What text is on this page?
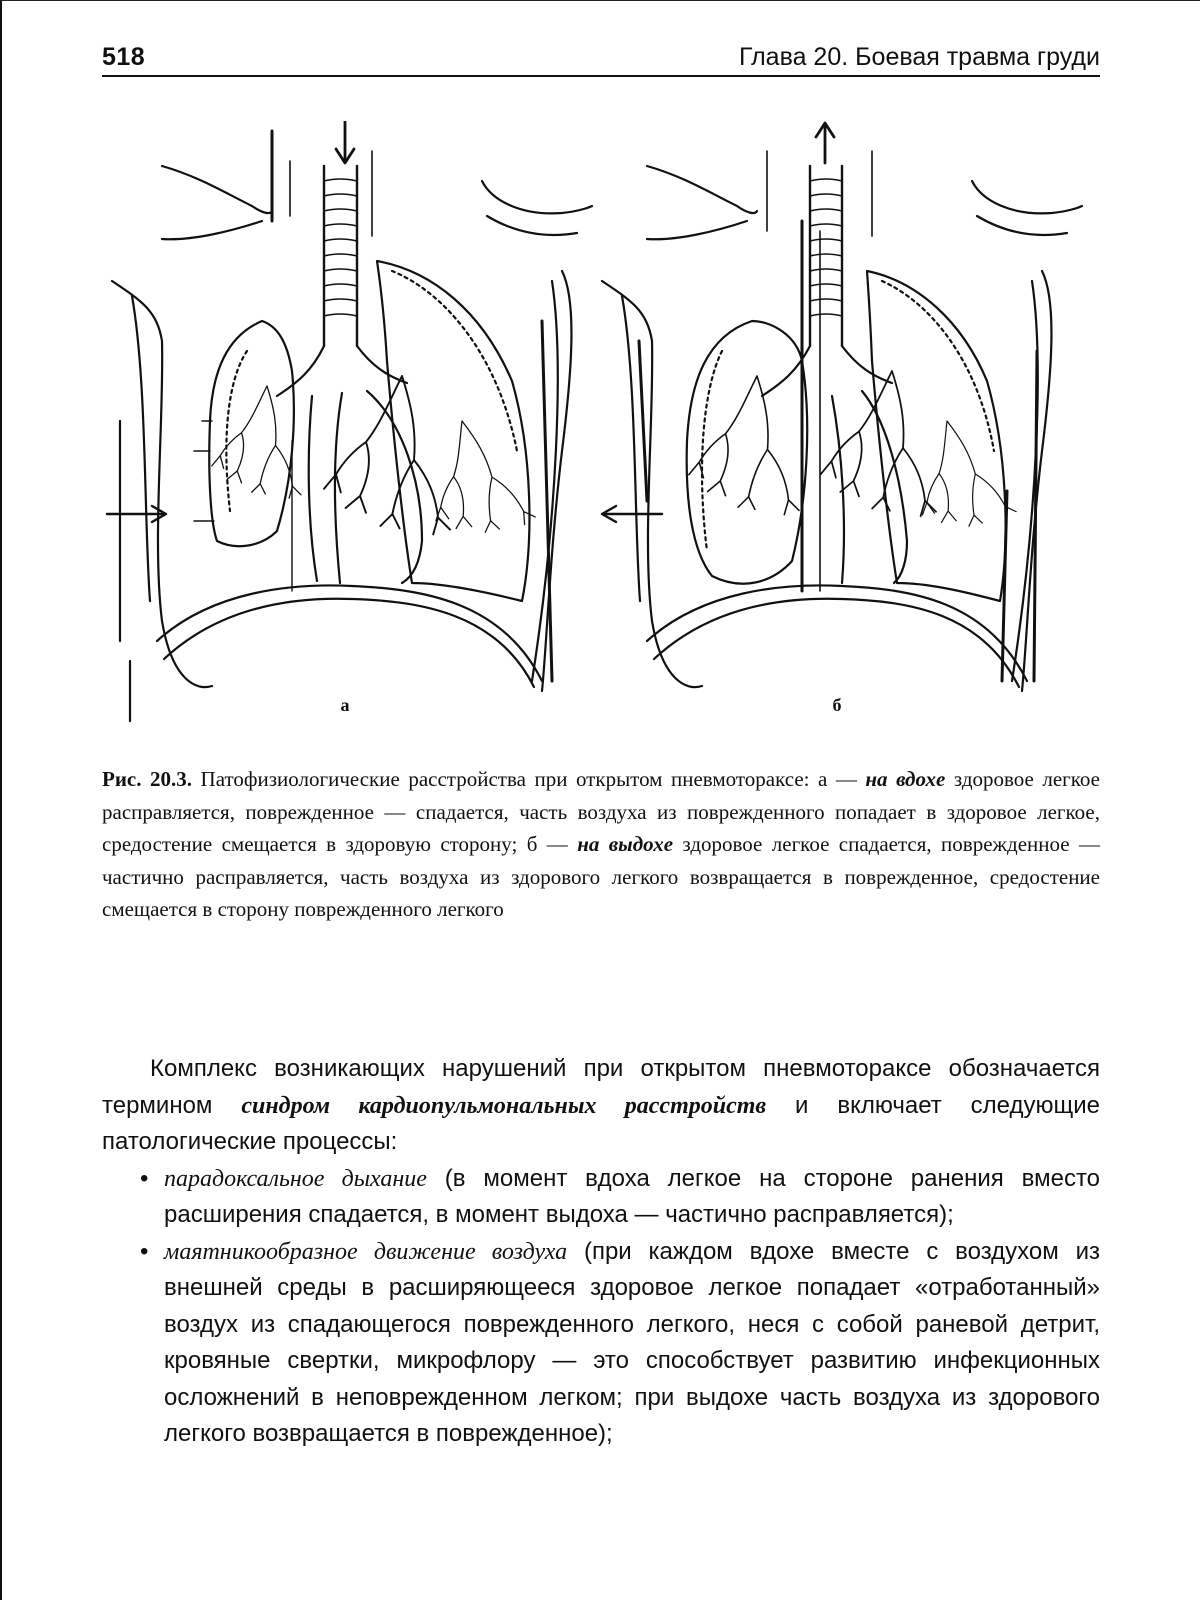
518	Глава 20. Боевая травма груди
а	б
Рис. 20.3. Патофизиологические расстройства при открытом пневмотораксе: а — на вдохе здоровое легкое расправляется, поврежденное — спадается, часть воздуха из поврежденного попадает в здоровое легкое, средостение смещается в здоровую сторону; б — на выдохе здоровое легкое спадается, поврежденное — частично расправляется, часть воздуха из здорового легкого возвращается в поврежденное, средостение смещается в сторону поврежденного легкого

Комплекс возникающих нарушений при открытом пневмотораксе обозначается термином синдром кардиопульмональных расстройств и включает следующие патологические процессы:

• парадоксальное дыхание (в момент вдоха легкое на стороне ранения вместо расширения спадается, в момент выдоха — частично расправляется);
• маятникообразное движение воздуха (при каждом вдохе вместе с воздухом из внешней среды в расширяющееся здоровое легкое попадает «отработанный» воздух из спадающегося поврежденного легкого, неся с собой раневой детрит, кровяные свертки, микрофлору — это способствует развитию инфекционных осложнений в неповрежденном легком; при выдохе часть воздуха из здорового легкого возвращается в поврежденное);
